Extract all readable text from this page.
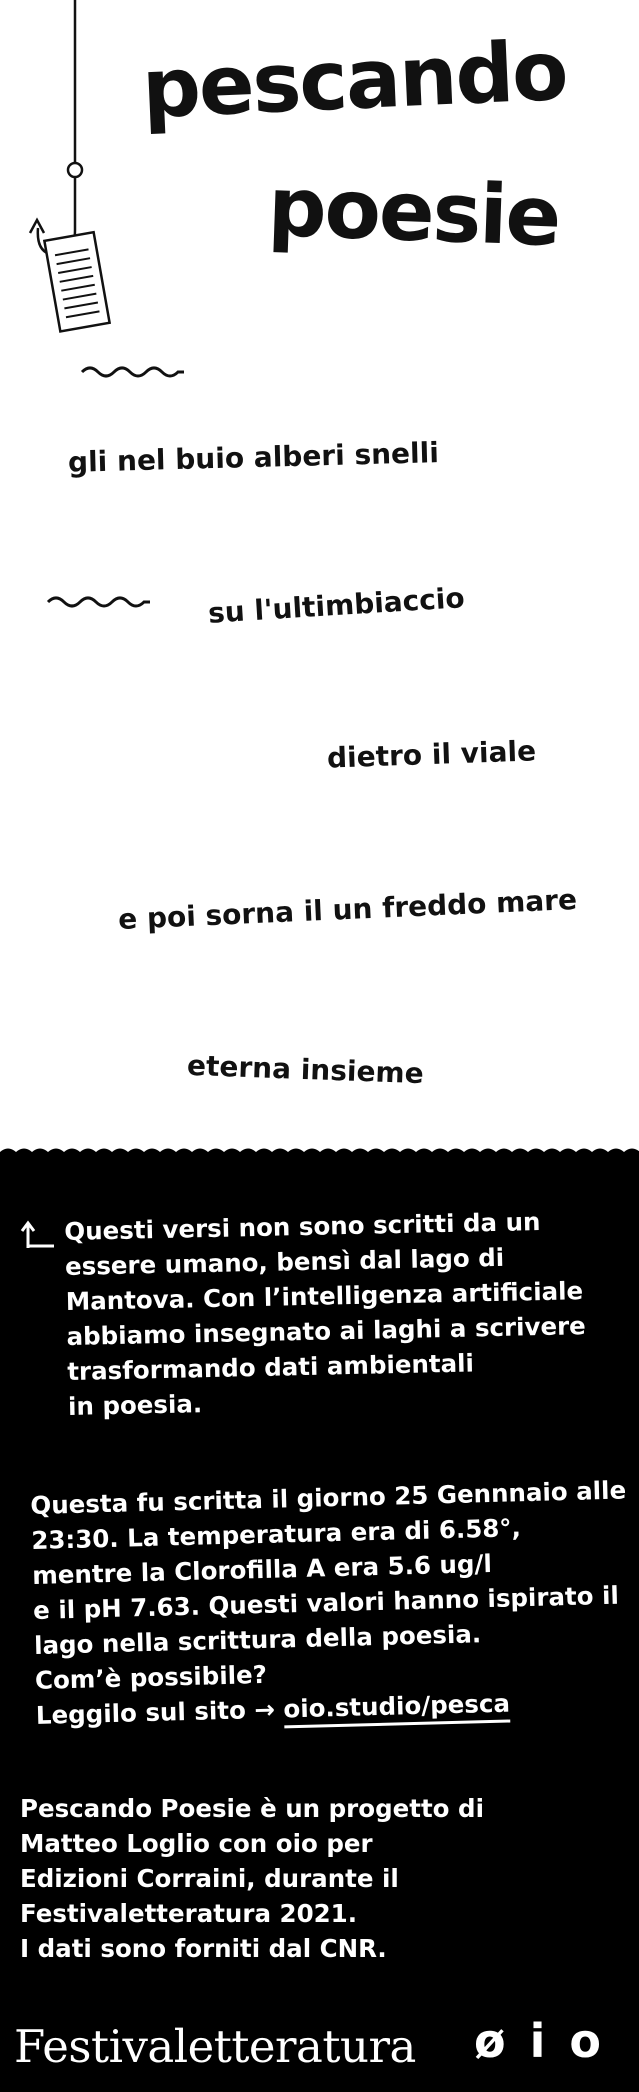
pescando
poesie
gli nel buio alberi snelli
su l'ultimbiaccio
dietro il viale
e poi sorna il un freddo mare
eterna insieme
Questi versi non sono scritti da un
essere umano, bensì dal lago di
Mantova. Con l’intelligenza artificiale
abbiamo insegnato ai laghi a scrivere
trasformando dati ambientali
in poesia.
Questa fu scritta il giorno 25 Gennnaio alle
23:30. La temperatura era di 6.58°,
mentre la Clorofilla A era 5.6 ug/l
e il pH 7.63. Questi valori hanno ispirato il
lago nella scrittura della poesia.
Com’è possibile?
Leggilo sul sito → oio.studio/pesca
Pescando Poesie è un progetto di
Matteo Loglio con oio per
Edizioni Corraini, durante il
Festivaletteratura 2021.
I dati sono forniti dal CNR.
Festivaletteratura øio
